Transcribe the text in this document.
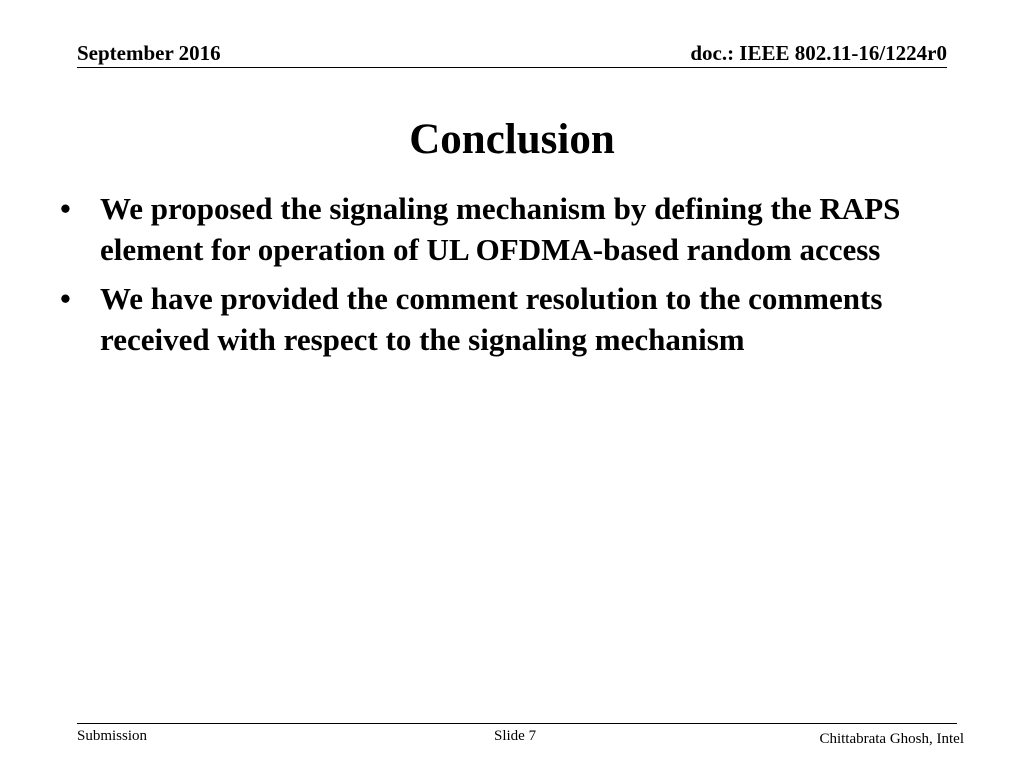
September 2016	doc.: IEEE 802.11-16/1224r0
Conclusion
• We proposed the signaling mechanism by defining the RAPS element for operation of UL OFDMA-based random access
• We have provided the comment resolution to the comments received with respect to the signaling mechanism
Submission	Slide 7	Chittabrata Ghosh, Intel
